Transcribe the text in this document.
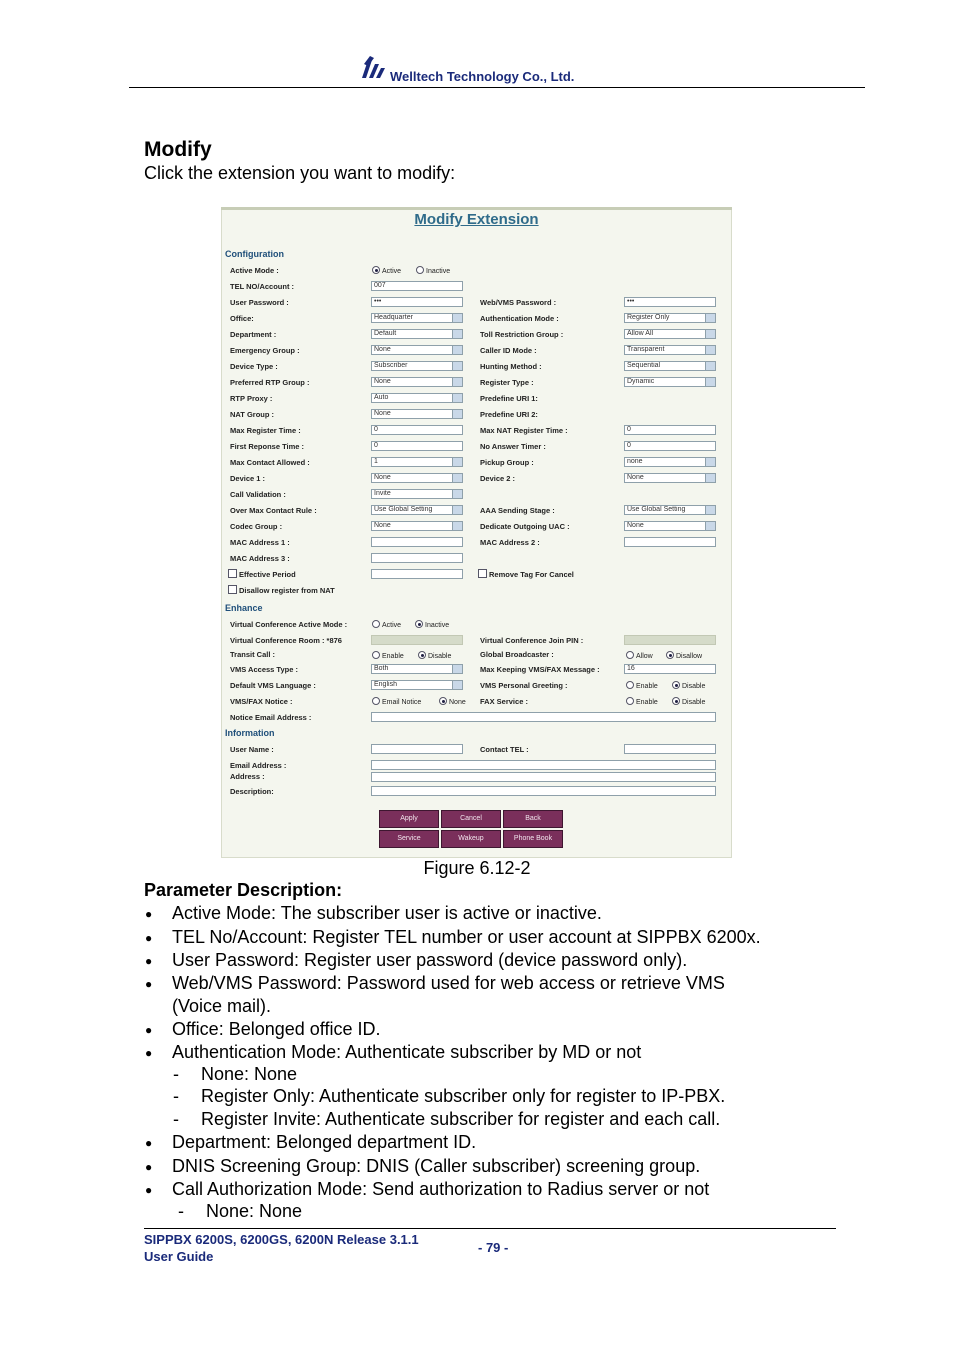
Welltech Technology Co., Ltd.
Modify
Click the extension you want to modify:
Modify Extension
Configuration
Active Mode :	Active	Inactive
TEL NO/Account :	007
User Password :	•••	Web/VMS Password :	•••
Office:	Headquarter	Authentication Mode :	Register Only
Department :	Default	Toll Restriction Group :	Allow All
Emergency Group :	None	Caller ID Mode :	Transparent
Device Type :	Subscriber	Hunting Method :	Sequential
Preferred RTP Group :	None	Register Type :	Dynamic
RTP Proxy :	Auto	Predefine URI 1:
NAT Group :	None	Predefine URI 2:
Max Register Time :	0	Max NAT Register Time :	0
First Reponse Time :	0	No Answer Timer :	0
Max Contact Allowed :	1	Pickup Group :	none
Device 1 :	None	Device 2 :	None
Call Validation :	Invite
Over Max Contact Rule :	Use Global Setting	AAA Sending Stage :	Use Global Setting
Codec Group :	None	Dedicate Outgoing UAC :	None
MAC Address 1 :	MAC Address 2 :
MAC Address 3 :
Effective Period	Remove Tag For Cancel
Disallow register from NAT
Enhance
Virtual Conference Active Mode :	Active	Inactive
Virtual Conference Room : *876	Virtual Conference Join PIN :
Transit Call :	Enable	Disable	Global Broadcaster :	Allow	Disallow
VMS Access Type :	Both	Max Keeping VMS/FAX Message :	16
Default VMS Language :	English	VMS Personal Greeting :	Enable	Disable
VMS/FAX Notice :	Email Notice	None FAX Service :	Enable	Disable
Notice Email Address :
Information
User Name :	Contact TEL :
Email Address :
Address :
Description:
Apply	Cancel	Back
Service	Wakeup	Phone Book
Figure 6.12-2
Parameter Description:
● Active Mode: The subscriber user is active or inactive.
● TEL No/Account: Register TEL number or user account at SIPPBX 6200x.
● User Password: Register user password (device password only).
● Web/VMS Password: Password used for web access or retrieve VMS
(Voice mail).
● Office: Belonged office ID.
● Authentication Mode: Authenticate subscriber by MD or not
- None: None
- Register Only: Authenticate subscriber only for register to IP-PBX.
- Register Invite: Authenticate subscriber for register and each call.
● Department: Belonged department ID.
● DNIS Screening Group: DNIS (Caller subscriber) screening group.
● Call Authorization Mode: Send authorization to Radius server or not
- None: None
SIPPBX 6200S, 6200GS, 6200N Release 3.1.1
User Guide
- 79 -
